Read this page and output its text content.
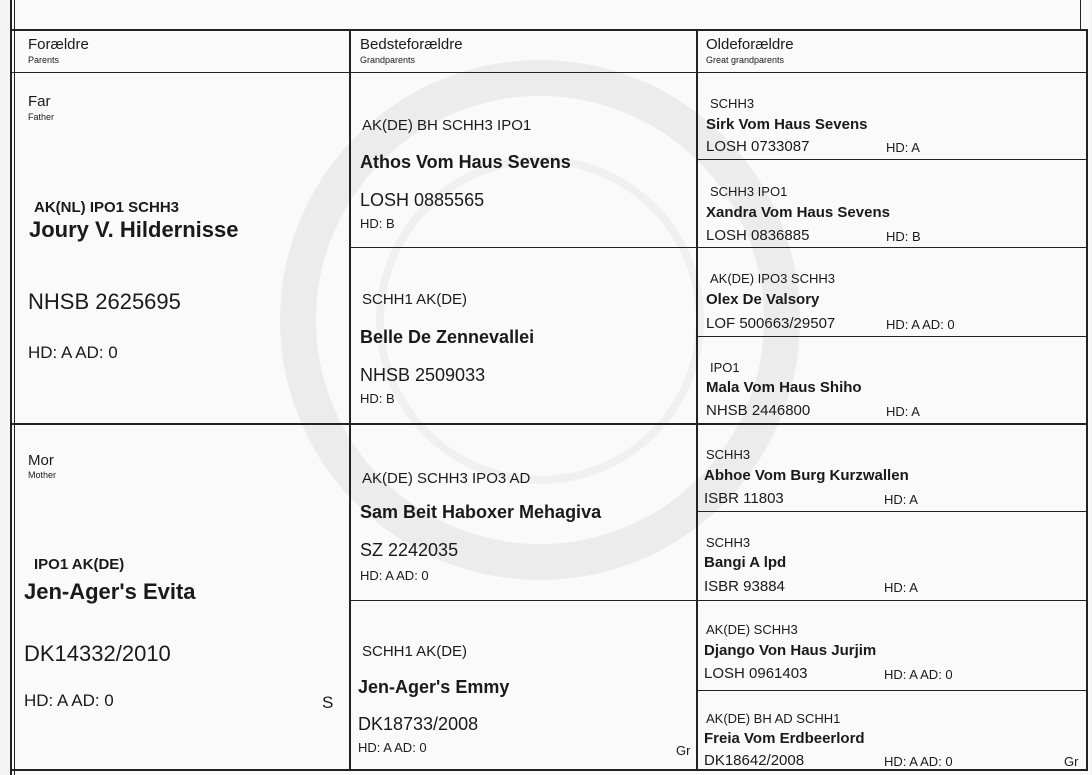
Forældre
Parents
Bedsteforældre
Grandparents
Oldeforældre
Great grandparents
Far
Father
AK(NL) IPO1 SCHH3
Joury V. Hildernisse
NHSB 2625695
HD: A AD: 0
Mor
Mother
IPO1 AK(DE)
Jen-Ager's Evita
DK14332/2010
HD: A AD: 0	S
AK(DE) BH SCHH3 IPO1
Athos Vom Haus Sevens
LOSH 0885565
HD: B
SCHH1 AK(DE)
Belle De Zennevallei
NHSB 2509033
HD: B
AK(DE) SCHH3 IPO3 AD
Sam Beit Haboxer Mehagiva
SZ 2242035
HD: A AD: 0
SCHH1 AK(DE)
Jen-Ager's Emmy
DK18733/2008
HD: A AD: 0	Gr
SCHH3
Sirk Vom Haus Sevens
LOSH 0733087	HD: A
SCHH3 IPO1
Xandra Vom Haus Sevens
LOSH 0836885	HD: B
AK(DE) IPO3 SCHH3
Olex De Valsory
LOF 500663/29507	HD: A AD: 0
IPO1
Mala Vom Haus Shiho
NHSB 2446800	HD: A
SCHH3
Abhoe Vom Burg Kurzwallen
ISBR 11803	HD: A
SCHH3
Bangi A lpd
ISBR 93884	HD: A
AK(DE) SCHH3
Django Von Haus Jurjim
LOSH 0961403	HD: A AD: 0
AK(DE) BH AD SCHH1
Freia Vom Erdbeerlord
DK18642/2008	HD: A AD: 0	Gr
